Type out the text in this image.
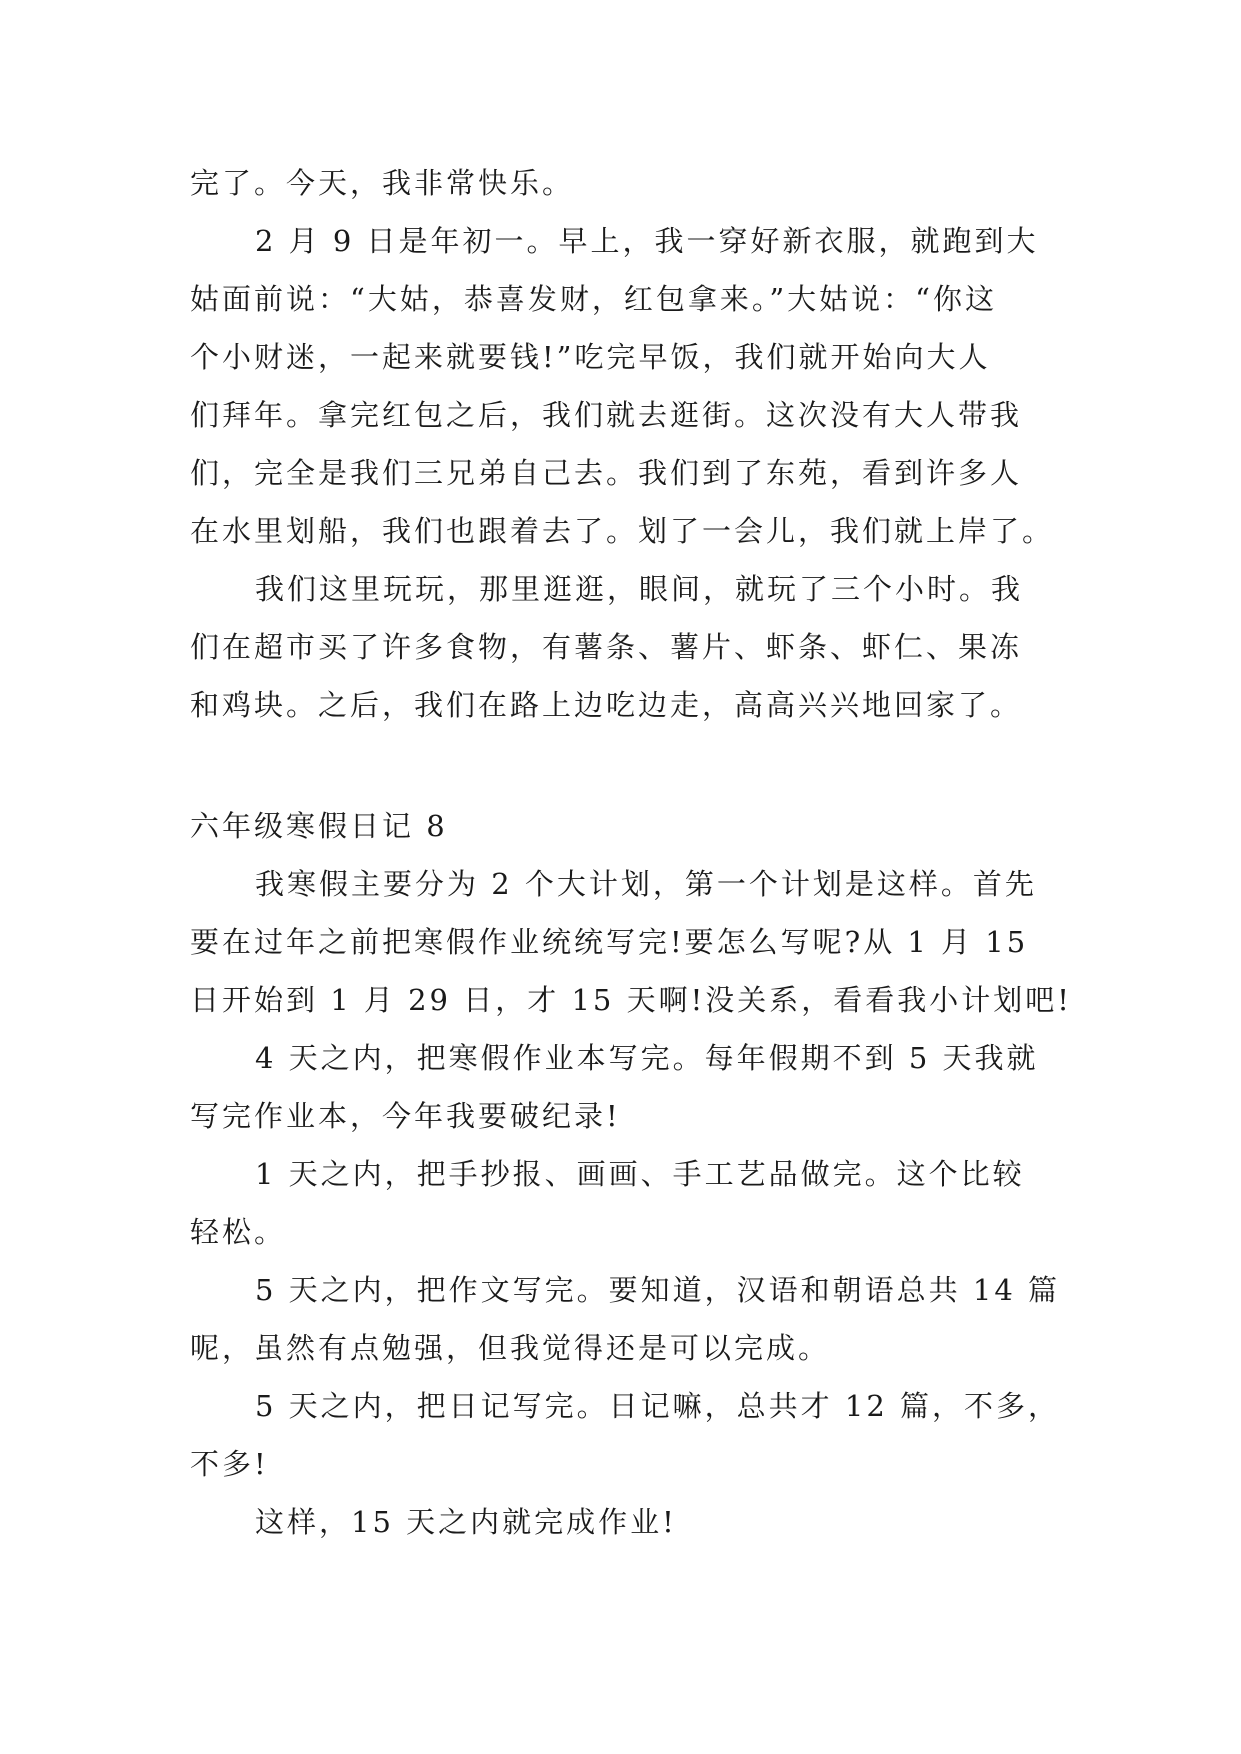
完了。今天，我非常快乐。
2 月 9 日是年初一。早上，我一穿好新衣服，就跑到大
姑面前说：“大姑，恭喜发财，红包拿来。”大姑说：“你这
个小财迷，一起来就要钱!”吃完早饭，我们就开始向大人
们拜年。拿完红包之后，我们就去逛街。这次没有大人带我
们，完全是我们三兄弟自己去。我们到了东苑，看到许多人
在水里划船，我们也跟着去了。划了一会儿，我们就上岸了。
我们这里玩玩，那里逛逛，眼间，就玩了三个小时。我
们在超市买了许多食物，有薯条、薯片、虾条、虾仁、果冻
和鸡块。之后，我们在路上边吃边走，高高兴兴地回家了。
六年级寒假日记 8
我寒假主要分为 2 个大计划，第一个计划是这样。首先
要在过年之前把寒假作业统统写完!要怎么写呢?从 1 月 15
日开始到 1 月 29 日，才 15 天啊!没关系，看看我小计划吧!
4 天之内，把寒假作业本写完。每年假期不到 5 天我就
写完作业本，今年我要破纪录!
1 天之内，把手抄报、画画、手工艺品做完。这个比较
轻松。
5 天之内，把作文写完。要知道，汉语和朝语总共 14 篇
呢，虽然有点勉强，但我觉得还是可以完成。
5 天之内，把日记写完。日记嘛，总共才 12 篇，不多，
不多!
这样，15 天之内就完成作业!
